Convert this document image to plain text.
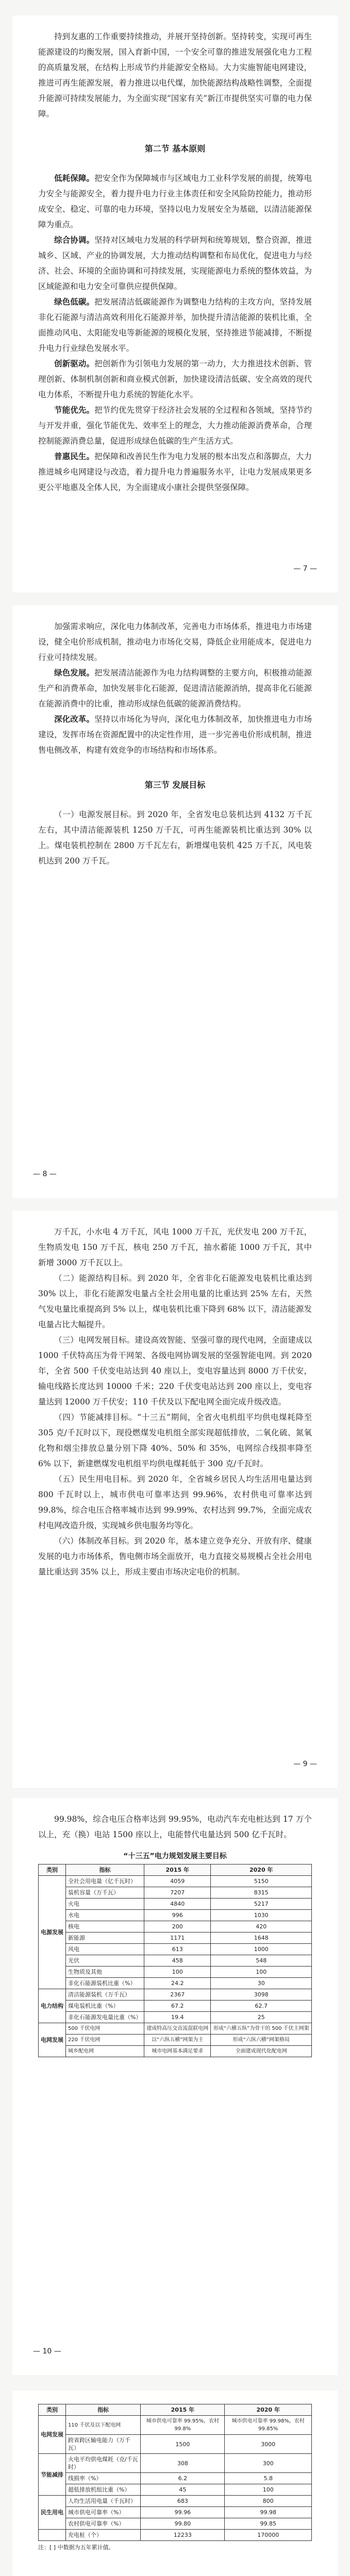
持到友惠的工作重要持续推动，并展开坚持创新。坚持转变，实现可再生能源建设的均衡发展，国入育新中国，一个安全可靠的推进发展强化电力工程的高质量发展，在结构上形成节约并能源安全格局。大力实施智能电网建设，推进可再生能源发展，着力推进以电代煤，加快能源结构战略性调整，全面提升能源可持续发展能力，为全面实现“国家有关”新江市提供坚实可靠的电力保障。

第二节 基本原则

低耗保障。把安全作为保障城市与区域电力工业科学发展的前提，统筹电力安全与能源安全，着力提升电力行业主体责任和安全风险防控能力，推动形成安全、稳定、可靠的电力环境，坚持以电力发展安全为基础，以清洁能源保障为重点。

综合协调。坚持对区域电力发展的科学研判和统筹规划，整合资源，推进城乡、区域、产业的协调发展，大力推动结构调整和布局优化，促进电力与经济、社会、环境的全面协调和可持续发展，实现能源电力系统的整体效益，为区域能源和电力安全可靠供应提供保障。

绿色低碳。把发展清洁低碳能源作为调整电力结构的主攻方向，坚持发展非化石能源与清洁高效利用化石能源并举，加快提升清洁能源的装机比重，全面推动风电、太阳能发电等新能源的规模化发展，坚持推进节能减排，不断提升电力行业绿色发展水平。

创新驱动。把创新作为引领电力发展的第一动力，大力推进技术创新、管理创新、体制机制创新和商业模式创新，加快建设清洁低碳、安全高效的现代电力体系，不断提升电力系统的智能化水平。

节能优先。把节约优先贯穿于经济社会发展的全过程和各领域，坚持节约与开发并重，强化节能优先、效率至上的理念，大力推动能源消费革命，合理控制能源消费总量，促进形成绿色低碳的生产生活方式。

普惠民生。把保障和改善民生作为电力发展的根本出发点和落脚点，大力推进城乡电网建设与改造，着力提升电力普遍服务水平，让电力发展成果更多更公平地惠及全体人民，为全面建成小康社会提供坚强保障。

— 7 —

加强需求响应，深化电力体制改革，完善电力市场体系，推进电力市场建设，健全电价形成机制，推动电力市场化交易，降低企业用能成本，促进电力行业可持续发展。

绿色发展。把发展清洁能源作为电力结构调整的主要方向，积极推动能源生产和消费革命，加快发展非化石能源，促进清洁能源消纳，提高非化石能源在能源消费中的比重，推动形成绿色低碳的能源消费结构。

深化改革。坚持以市场化为导向，深化电力体制改革，加快推进电力市场建设，发挥市场在资源配置中的决定性作用，进一步完善电价形成机制，推进售电侧改革，构建有效竞争的市场结构和市场体系。

第三节 发展目标

（一）电源发展目标。到 2020 年，全省发电总装机达到 4132 万千瓦左右，其中清洁能源装机 1250 万千瓦，可再生能源装机比重达到 30% 以上。煤电装机控制在 2800 万千瓦左右，新增煤电装机 425 万千瓦，风电装机达到 200 万千瓦。

— 8 —

万千瓦，小水电 4 万千瓦，风电 1000 万千瓦，光伏发电 200 万千瓦，生物质发电 150 万千瓦，核电 250 万千瓦，抽水蓄能 1000 万千瓦，其中新增 3000 万千瓦以上。

（二）能源结构目标。到 2020 年，全省非化石能源发电装机比重达到 30% 以上，非化石能源发电量占全社会用电量的比重达到 25% 左右，天然气发电量比重提高到 5% 以上，煤电装机比重下降到 68% 以下，清洁能源发电量占比大幅提升。

（三）电网发展目标。建设高效智能、坚强可靠的现代电网，全面建成以 1000 千伏特高压为骨干网架、各级电网协调发展的坚强智能电网。到 2020 年，全省 500 千伏变电站达到 40 座以上，变电容量达到 8000 万千伏安，输电线路长度达到 10000 千米；220 千伏变电站达到 200 座以上，变电容量达到 12000 万千伏安；110 千伏及以下配电网全面完成升级改造。

（四）节能减排目标。“十三五”期间，全省火电机组平均供电煤耗降至 305 克/千瓦时以下，现役燃煤发电机组全部实现超低排放，二氧化硫、氮氧化物和烟尘排放总量分别下降 40%、50% 和 35%，电网综合线损率降至 6% 以下，新建燃煤发电机组平均供电煤耗低于 300 克/千瓦时。

（五）民生用电目标。到 2020 年，全省城乡居民人均生活用电量达到 800 千瓦时以上，城市供电可靠率达到 99.96%，农村供电可靠率达到 99.8%，综合电压合格率城市达到 99.99%、农村达到 99.7%，全面完成农村电网改造升级，实现城乡供电服务均等化。

（六）体制改革目标。到 2020 年，基本建立竞争充分、开放有序、健康发展的电力市场体系，售电侧市场全面放开，电力直接交易规模占全社会用电量比重达到 35% 以上，形成主要由市场决定电价的机制。

— 9 —

99.98%，综合电压合格率达到 99.95%，电动汽车充电桩达到 17 万个以上，充（换）电站 1500 座以上，电能替代电量达到 500 亿千瓦时。

“十三五”电力规划发展主要目标
类别	指标	2015 年	2020 年
电源发展	全社会用电量（亿千瓦时）	4059	5150
	装机容量（万千瓦）	7207	8315
	火电	4840	5217
	水电	996	1030
	核电	200	420
	新能源	1171	1648
	风电	613	1000
	光伏	458	548
	生物质及其他	100	100
	非化石能源装机比重（%）	24.2	30
电力结构	清洁能源装机（万千瓦）	2367	3098
	煤电装机比重（%）	67.2	62.7
	非化石能源发电量比重（%）	19.4	25
电网发展	500 千伏电网	建成特高压交直流混联电网	形成“六横五纵”为骨干的 500 千伏主网架
	220 千伏电网	以“六纵五横”网架为主	形成“六纵六横”网架格局
	城乡配电网	城市电网基本满足要求	全面建成现代化配电网
— 10 —
类别	指标	2015 年	2020 年
电网发展	110 千伏及以下配电网	城市供电可靠率 99.95%，农村 99.8%	城市供电可靠率 99.98%，农村 99.85%
	跨省跨区输电能力（万千瓦）	1500	3000
节能减排	火电平均供电煤耗（克/千瓦时）	308	300
	线损率（%）	6.2	5.8
	超低排放机组比重（%）	45	100
民生用电	人均生活用电量（千瓦时）	683	800
	城市供电可靠率（%）	99.96	99.98
	农村供电可靠率（%）	99.80	99.85
	充电桩（个）	12233	170000
注：[ ] 中数据为五年累计值。
